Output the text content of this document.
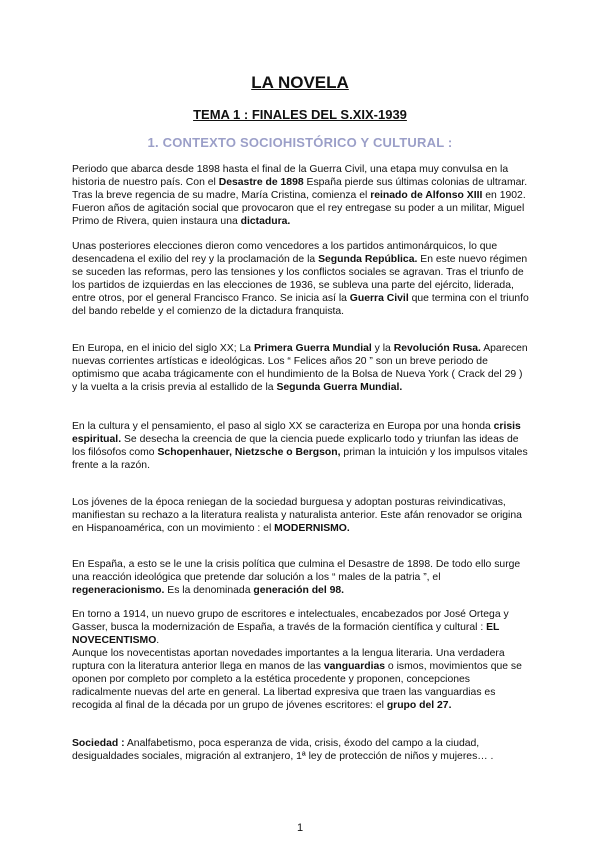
LA NOVELA
TEMA 1 : FINALES DEL S.XIX-1939
1. CONTEXTO SOCIOHISTÓRICO Y CULTURAL :

Periodo que abarca desde 1898 hasta el final de la Guerra Civil, una etapa muy convulsa en la historia de nuestro país. Con el Desastre de 1898 España pierde sus últimas colonias de ultramar. Tras la breve regencia de su madre, María Cristina, comienza el reinado de Alfonso XIII en 1902. Fueron años de agitación social que provocaron que el rey entregase su poder a un militar, Miguel Primo de Rivera, quien instaura una dictadura.

Unas posteriores elecciones dieron como vencedores a los partidos antimonárquicos, lo que desencadena el exilio del rey y la proclamación de la Segunda República. En este nuevo régimen se suceden las reformas, pero las tensiones y los conflictos sociales se agravan. Tras el triunfo de los partidos de izquierdas en las elecciones de 1936, se subleva una parte del ejército, liderada, entre otros, por el general Francisco Franco. Se inicia así la Guerra Civil que termina con el triunfo del bando rebelde y el comienzo de la dictadura franquista.

En Europa, en el inicio del siglo XX; La Primera Guerra Mundial y la Revolución Rusa. Aparecen nuevas corrientes artísticas e ideológicas. Los “ Felices años 20 ” son un breve periodo de optimismo que acaba trágicamente con el hundimiento de la Bolsa de Nueva York ( Crack del 29 ) y la vuelta a la crisis previa al estallido de la Segunda Guerra Mundial.

En la cultura y el pensamiento, el paso al siglo XX se caracteriza en Europa por una honda crisis espiritual. Se desecha la creencia de que la ciencia puede explicarlo todo y triunfan las ideas de los filósofos como Schopenhauer, Nietzsche o Bergson, priman la intuición y los impulsos vitales frente a la razón.

Los jóvenes de la época reniegan de la sociedad burguesa y adoptan posturas reivindicativas, manifiestan su rechazo a la literatura realista y naturalista anterior. Este afán renovador se origina en Hispanoamérica, con un movimiento : el MODERNISMO.

En España, a esto se le une la crisis política que culmina el Desastre de 1898. De todo ello surge una reacción ideológica que pretende dar solución a los “ males de la patria ”, el regeneracionismo. Es la denominada generación del 98.

En torno a 1914, un nuevo grupo de escritores e intelectuales, encabezados por José Ortega y Gasser, busca la modernización de España, a través de la formación científica y cultural : EL NOVECENTISMO.
Aunque los novecentistas aportan novedades importantes a la lengua literaria. Una verdadera ruptura con la literatura anterior llega en manos de las vanguardias o ismos, movimientos que se oponen por completo por completo a la estética procedente y proponen, concepciones radicalmente nuevas del arte en general. La libertad expresiva que traen las vanguardias es recogida al final de la década por un grupo de jóvenes escritores: el grupo del 27.

Sociedad : Analfabetismo, poca esperanza de vida, crisis, éxodo del campo a la ciudad, desigualdades sociales, migración al extranjero, 1ª ley de protección de niños y mujeres… .

1
